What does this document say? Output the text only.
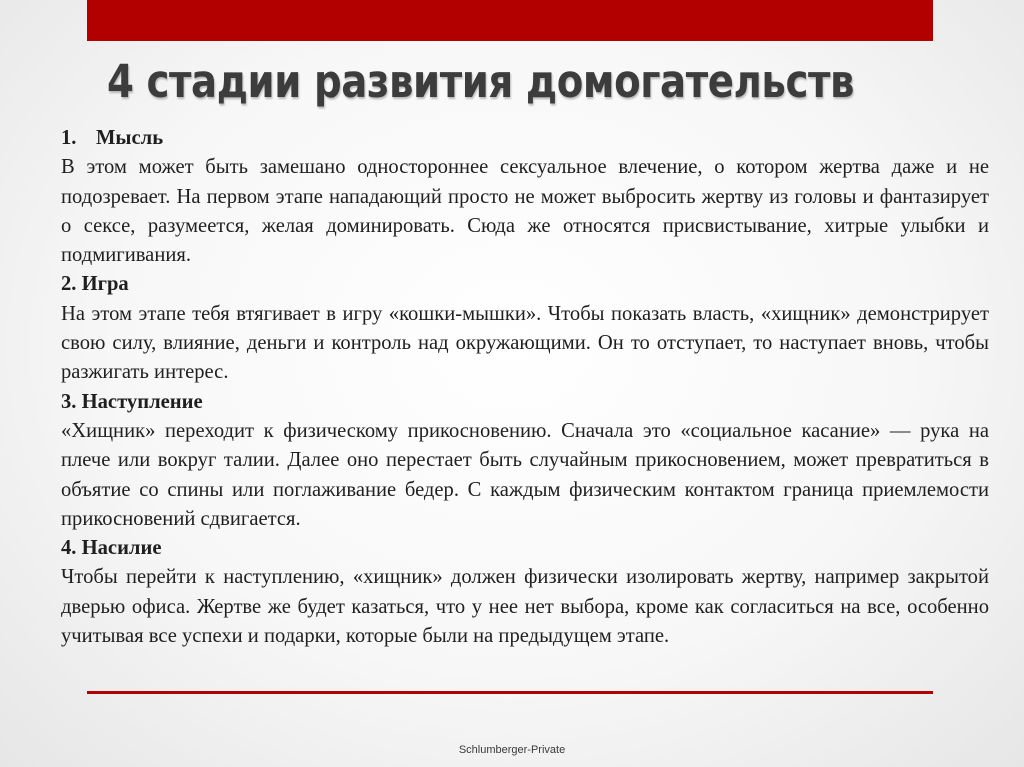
4 стадии развития домогательств

1. Мысль

В этом может быть замешано одностороннее сексуальное влечение, о котором жертва даже и не подозревает. На первом этапе нападающий просто не может выбросить жертву из головы и фантазирует о сексе, разумеется, желая доминировать. Сюда же относятся присвистывание, хитрые улыбки и подмигивания.

2. Игра

На этом этапе тебя втягивает в игру «кошки-мышки». Чтобы показать власть, «хищник» демонстрирует свою силу, влияние, деньги и контроль над окружающими. Он то отступает, то наступает вновь, чтобы разжигать интерес.

3. Наступление

«Хищник» переходит к физическому прикосновению. Сначала это «социальное касание» — рука на плече или вокруг талии. Далее оно перестает быть случайным прикосновением, может превратиться в объятие со спины или поглаживание бедер. С каждым физическим контактом граница приемлемости прикосновений сдвигается.

4. Насилие

Чтобы перейти к наступлению, «хищник» должен физически изолировать жертву, например закрытой дверью офиса. Жертве же будет казаться, что у нее нет выбора, кроме как согласиться на все, особенно учитывая все успехи и подарки, которые были на предыдущем этапе.

Schlumberger-Private
